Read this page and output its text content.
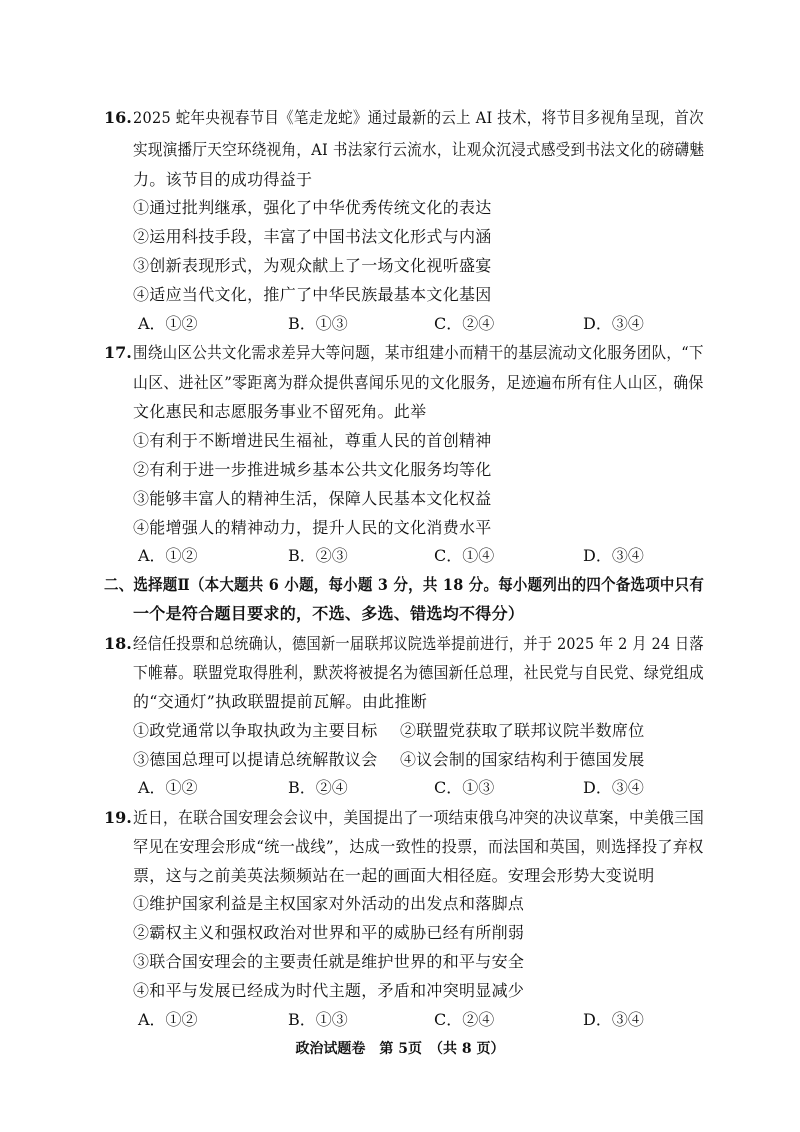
16. 2025 蛇年央视春节目《笔走龙蛇》通过最新的云上 AI 技术，将节目多视角呈现，首次
实现演播厅天空环绕视角，AI 书法家行云流水，让观众沉浸式感受到书法文化的磅礴魅
力。该节目的成功得益于
①通过批判继承，强化了中华优秀传统文化的表达
②运用科技手段，丰富了中国书法文化形式与内涵
③创新表现形式，为观众献上了一场文化视听盛宴
④适应当代文化，推广了中华民族最基本文化基因
A．①②	B．①③	C．②④	D．③④
17. 围绕山区公共文化需求差异大等问题，某市组建小而精干的基层流动文化服务团队，“下
山区、进社区”零距离为群众提供喜闻乐见的文化服务，足迹遍布所有住人山区，确保
文化惠民和志愿服务事业不留死角。此举
①有利于不断增进民生福祉，尊重人民的首创精神
②有利于进一步推进城乡基本公共文化服务均等化
③能够丰富人的精神生活，保障人民基本文化权益
④能增强人的精神动力，提升人民的文化消费水平
A．①②	B．②③	C．①④	D．③④
二、选择题Ⅱ（本大题共 6 小题，每小题 3 分，共 18 分。每小题列出的四个备选项中只有
一个是符合题目要求的，不选、多选、错选均不得分）
18. 经信任投票和总统确认，德国新一届联邦议院选举提前进行，并于 2025 年 2 月 24 日落
下帷幕。联盟党取得胜利，默茨将被提名为德国新任总理，社民党与自民党、绿党组成
的“交通灯”执政联盟提前瓦解。由此推断
①政党通常以争取执政为主要目标 ②联盟党获取了联邦议院半数席位
③德国总理可以提请总统解散议会 ④议会制的国家结构利于德国发展
A．①②	B．②④	C．①③	D．③④
19. 近日，在联合国安理会会议中，美国提出了一项结束俄乌冲突的决议草案，中美俄三国
罕见在安理会形成“统一战线”，达成一致性的投票，而法国和英国，则选择投了弃权
票，这与之前美英法频频站在一起的画面大相径庭。安理会形势大变说明
①维护国家利益是主权国家对外活动的出发点和落脚点
②霸权主义和强权政治对世界和平的威胁已经有所削弱
③联合国安理会的主要责任就是维护世界的和平与安全
④和平与发展已经成为时代主题，矛盾和冲突明显减少
A．①②	B．①③	C．②④	D．③④
政治试题卷　第 5页　（共 8 页）
